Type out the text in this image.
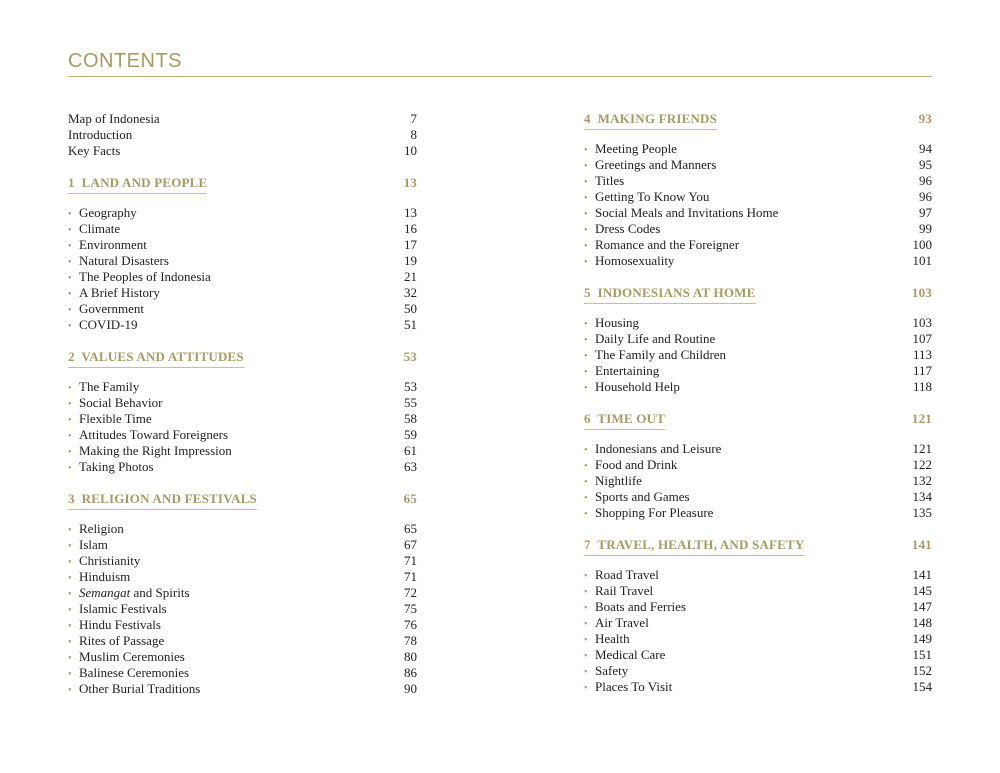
CONTENTS
Map of Indonesia	7
Introduction	8
Key Facts	10
1 LAND AND PEOPLE	13
• Geography	13
• Climate	16
• Environment	17
• Natural Disasters	19
• The Peoples of Indonesia	21
• A Brief History	32
• Government	50
• COVID-19	51
2 VALUES AND ATTITUDES	53
• The Family	53
• Social Behavior	55
• Flexible Time	58
• Attitudes Toward Foreigners	59
• Making the Right Impression	61
• Taking Photos	63
3 RELIGION AND FESTIVALS	65
• Religion	65
• Islam	67
• Christianity	71
• Hinduism	71
• Semangat and Spirits	72
• Islamic Festivals	75
• Hindu Festivals	76
• Rites of Passage	78
• Muslim Ceremonies	80
• Balinese Ceremonies	86
• Other Burial Traditions	90
4 MAKING FRIENDS	93
• Meeting People	94
• Greetings and Manners	95
• Titles	96
• Getting To Know You	96
• Social Meals and Invitations Home	97
• Dress Codes	99
• Romance and the Foreigner	100
• Homosexuality	101
5 INDONESIANS AT HOME	103
• Housing	103
• Daily Life and Routine	107
• The Family and Children	113
• Entertaining	117
• Household Help	118
6 TIME OUT	121
• Indonesians and Leisure	121
• Food and Drink	122
• Nightlife	132
• Sports and Games	134
• Shopping For Pleasure	135
7 TRAVEL, HEALTH, AND SAFETY	141
• Road Travel	141
• Rail Travel	145
• Boats and Ferries	147
• Air Travel	148
• Health	149
• Medical Care	151
• Safety	152
• Places To Visit	154
